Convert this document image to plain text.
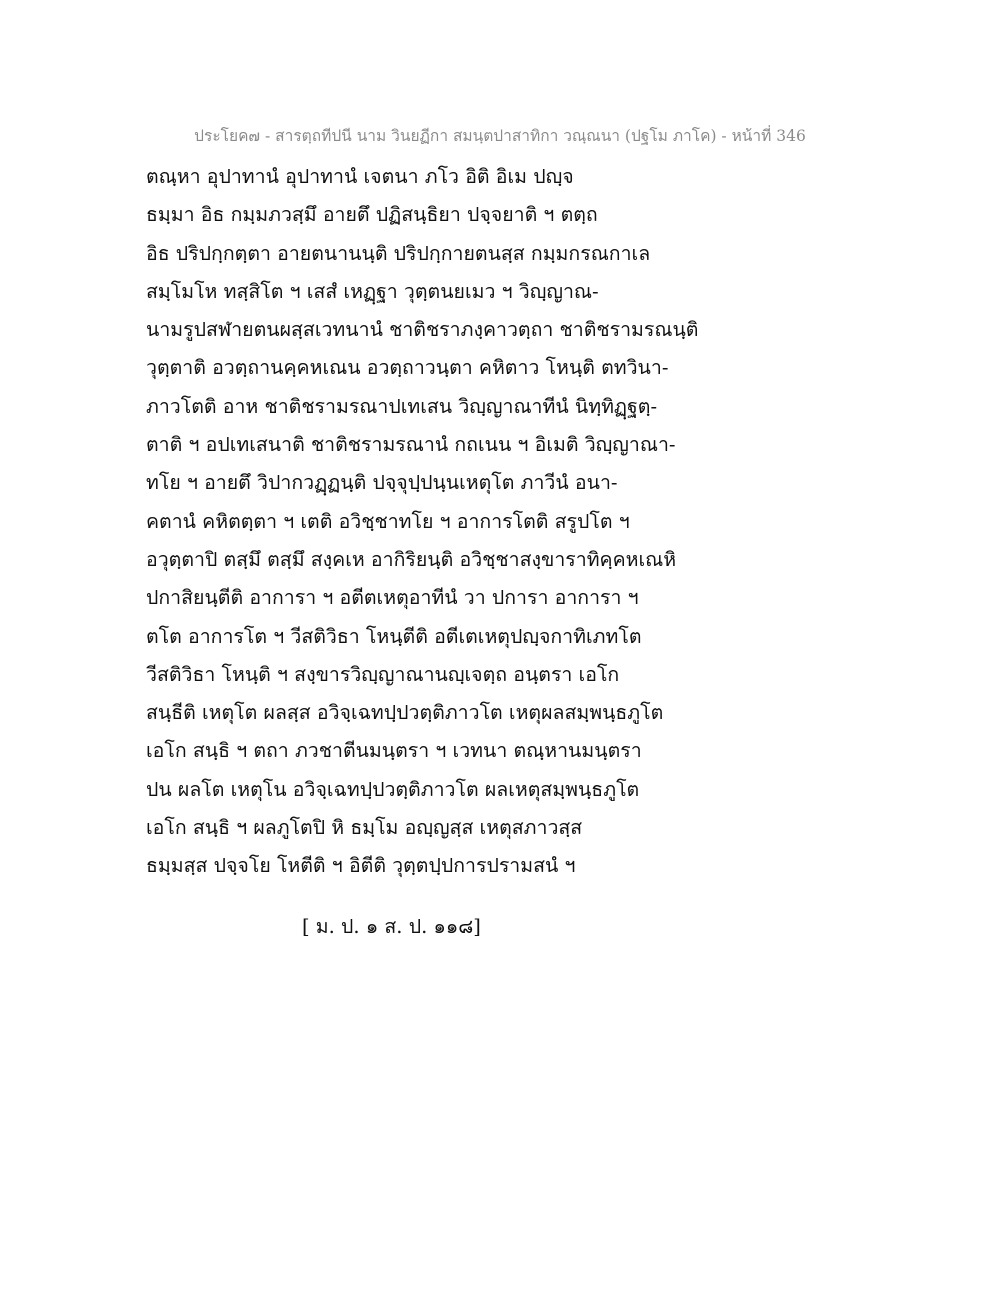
ประโยค๗ - สารตฺถทีปนี นาม วินยฏีกา สมนฺตปาสาทิกา วณฺณนา (ปฐโม ภาโค) - หน้าที่ 346
ตณฺหา อุปาทานํ อุปาทานํ เจตนา ภโว อิติ อิเม ปญฺจ
ธมฺมา อิธ กมฺมภวสฺมึ อายตึ ปฏิสนฺธิยา ปจฺจยาติ ฯ ตตฺถ
อิธ ปริปกฺกตฺตา อายตนานนฺติ ปริปกฺกายตนสฺส กมฺมกรณกาเล
สมฺโมโห ทสฺสิโต ฯ เสสํ เหฏฺฐา วุตฺตนยเมว ฯ วิญฺญาณ-
นามรูปสฬายตนผสฺสเวทนานํ ชาติชราภงฺคาวตฺถา ชาติชรามรณนฺติ
วุตฺตาติ อวตฺถานคฺคหเณน อวตฺถาวนฺตา คหิตาว โหนฺติ ตทวินา-
ภาวโตติ อาห ชาติชรามรณาปเทเสน วิญฺญาณาทีนํ นิทฺทิฏฺฐตฺ-
ตาติ ฯ อปเทเสนาติ ชาติชรามรณานํ กถเนน ฯ อิเมติ วิญฺญาณา-
ทโย ฯ อายตึ วิปากวฏฺฏนฺติ ปจฺจุปฺปนฺนเหตุโต ภาวีนํ อนา-
คตานํ คหิตตฺตา ฯ เตติ อวิชฺชาทโย ฯ อาการโตติ สรูปโต ฯ
อวุตฺตาปิ ตสฺมึ ตสฺมึ สงฺคเห อากิริยนฺติ อวิชฺชาสงฺขาราทิคฺคหเณหิ
ปกาสิยนฺตีติ อาการา ฯ อตีตเหตุอาทีนํ วา ปการา อาการา ฯ
ตโต อาการโต ฯ วีสติวิธา โหนฺตีติ อตีเตเหตุปญฺจกาทิเภทโต
วีสติวิธา โหนฺติ ฯ สงฺขารวิญฺญาณานญฺเจตฺถ อนฺตรา เอโก
สนฺธีติ เหตุโต ผลสฺส อวิจฺเฉทปฺปวตฺติภาวโต เหตุผลสมฺพนฺธภูโต
เอโก สนฺธิ ฯ ตถา ภวชาตีนมนฺตรา ฯ เวทนา ตณฺหานมนฺตรา
ปน ผลโต เหตุโน อวิจฺเฉทปฺปวตฺติภาวโต ผลเหตุสมฺพนฺธภูโต
เอโก สนฺธิ ฯ ผลภูโตปิ หิ ธมฺโม อญฺญสฺส เหตุสภาวสฺส
ธมฺมสฺส ปจฺจโย โหตีติ ฯ อิตีติ วุตฺตปฺปการปรามสนํ ฯ
[ ม. ป. ๑ ส. ป. ๑๑๘]
